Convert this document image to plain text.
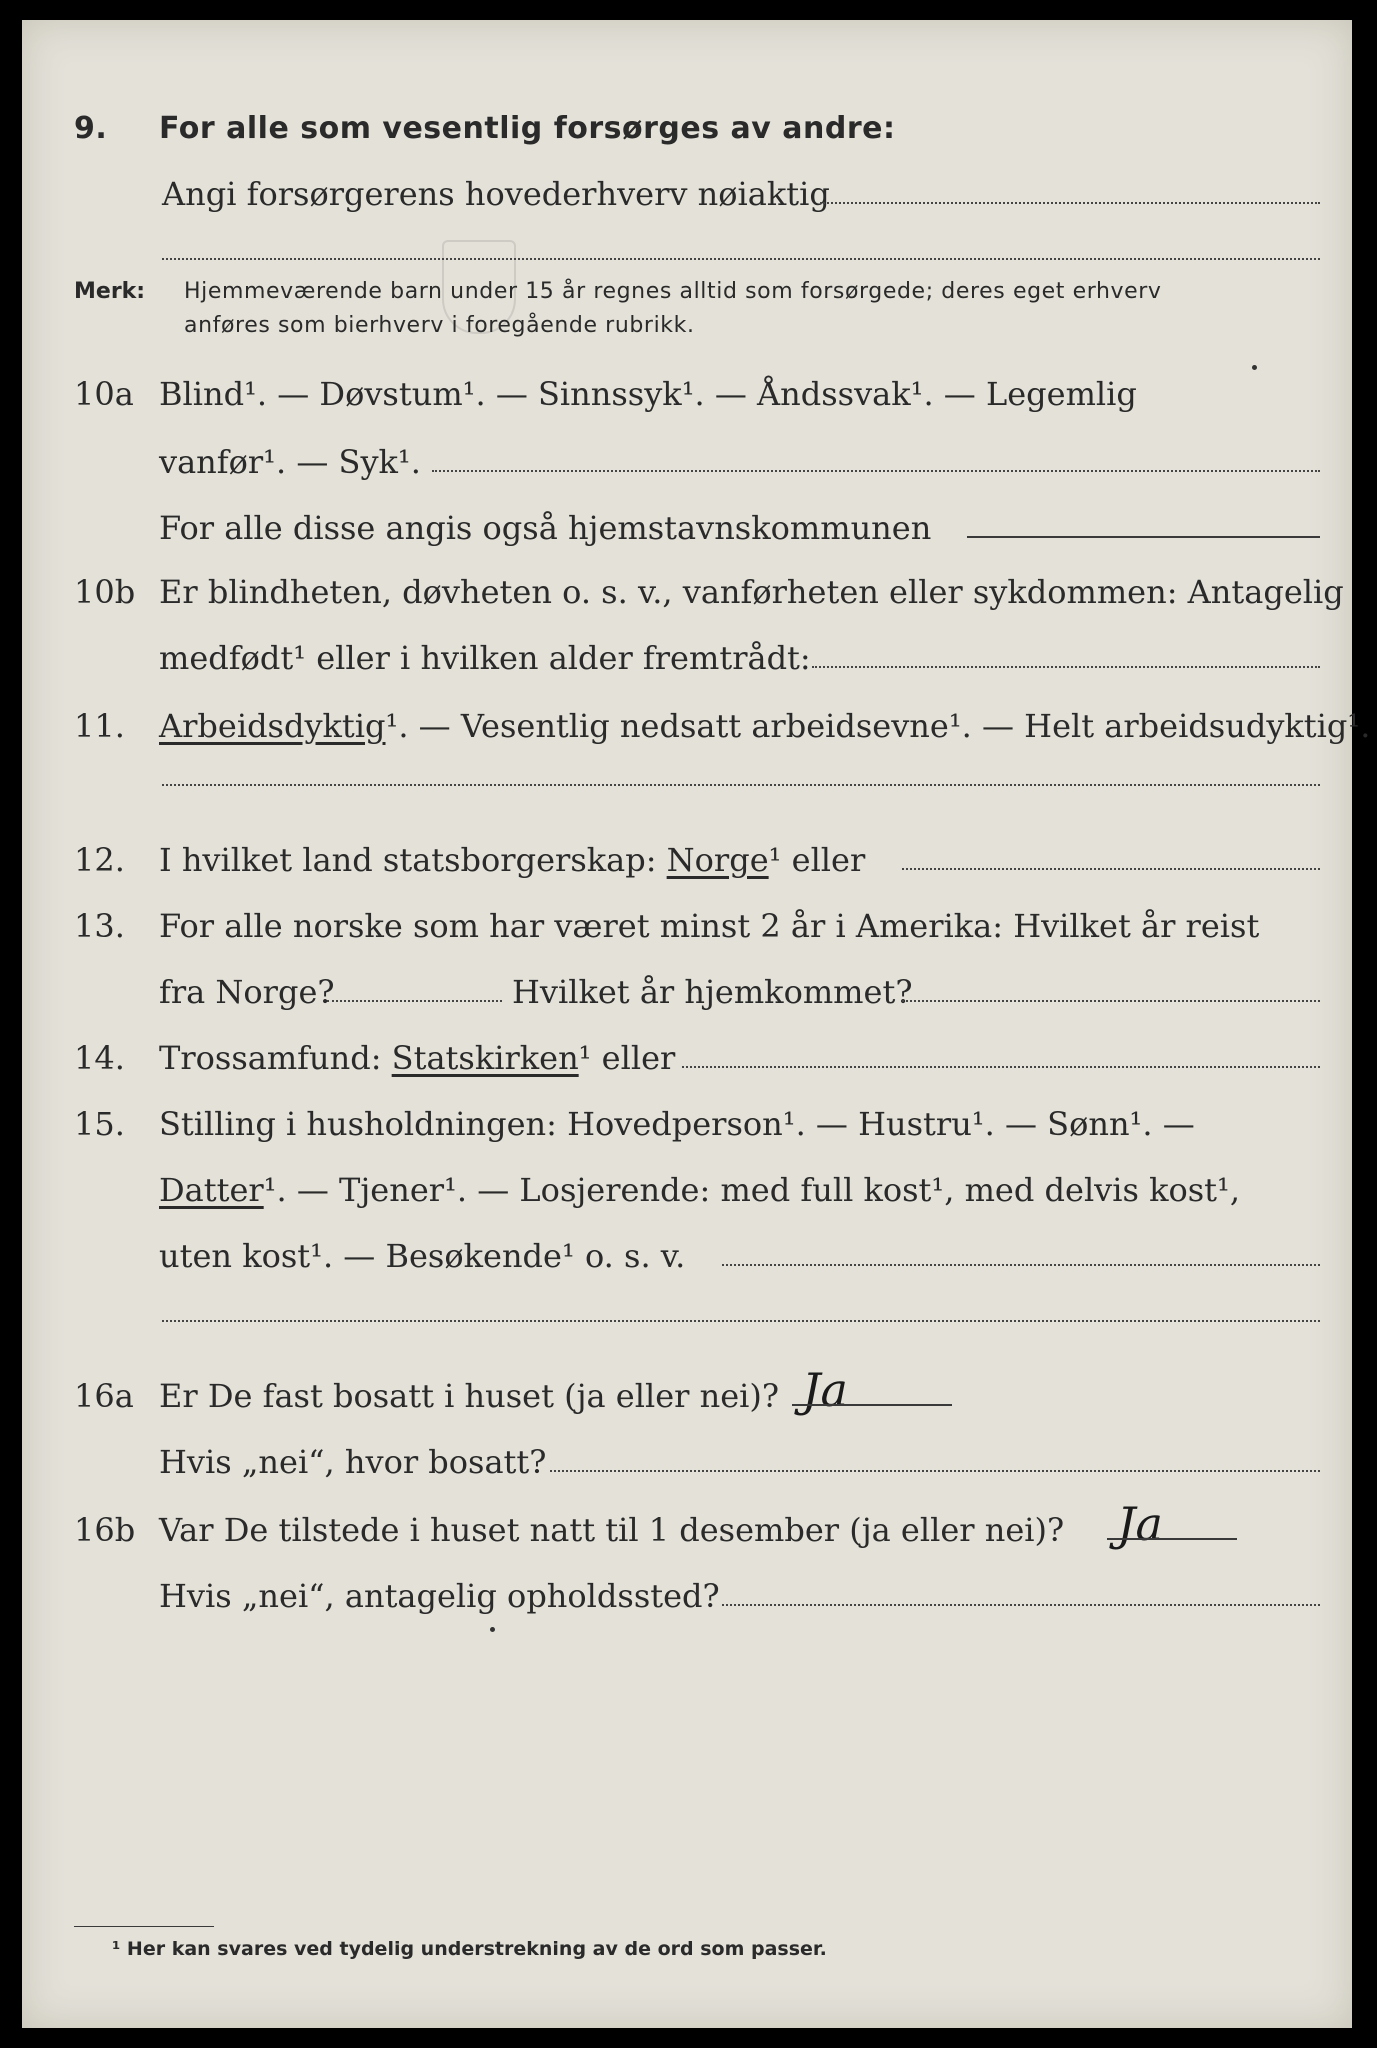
9.	For alle som vesentlig forsørges av andre:
Angi forsørgerens hovederhverv nøiaktig
Merk: Hjemmeværende barn under 15 år regnes alltid som forsørgede; deres eget erhverv
anføres som bierhverv i foregående rubrikk.
10a Blind¹. — Døvstum¹. — Sinnssyk¹. — Åndssvak¹. — Legemlig
vanfør¹. — Syk¹.
For alle disse angis også hjemstavnskommunen
10b Er blindheten, døvheten o. s. v., vanførheten eller sykdommen: Antagelig
medfødt¹ eller i hvilken alder fremtrådt:
11.	Arbeidsdyktig¹. — Vesentlig nedsatt arbeidsevne¹. — Helt arbeidsudyktig¹.
12.	I hvilket land statsborgerskap: Norge¹ eller
13.	For alle norske som har været minst 2 år i Amerika: Hvilket år reist
fra Norge?	Hvilket år hjemkommet?
14.	Trossamfund: Statskirken¹ eller
15.	Stilling i husholdningen: Hovedperson¹. — Hustru¹. — Sønn¹. —
Datter¹. — Tjener¹. — Losjerende: med full kost¹, med delvis kost¹,
uten kost¹. — Besøkende¹ o. s. v.
16a Er De fast bosatt i huset (ja eller nei)? Ja
Hvis „nei“, hvor bosatt?
16b Var De tilstede i huset natt til 1 desember (ja eller nei)? Ja
Hvis „nei“, antagelig opholdssted?
¹ Her kan svares ved tydelig understrekning av de ord som passer.
